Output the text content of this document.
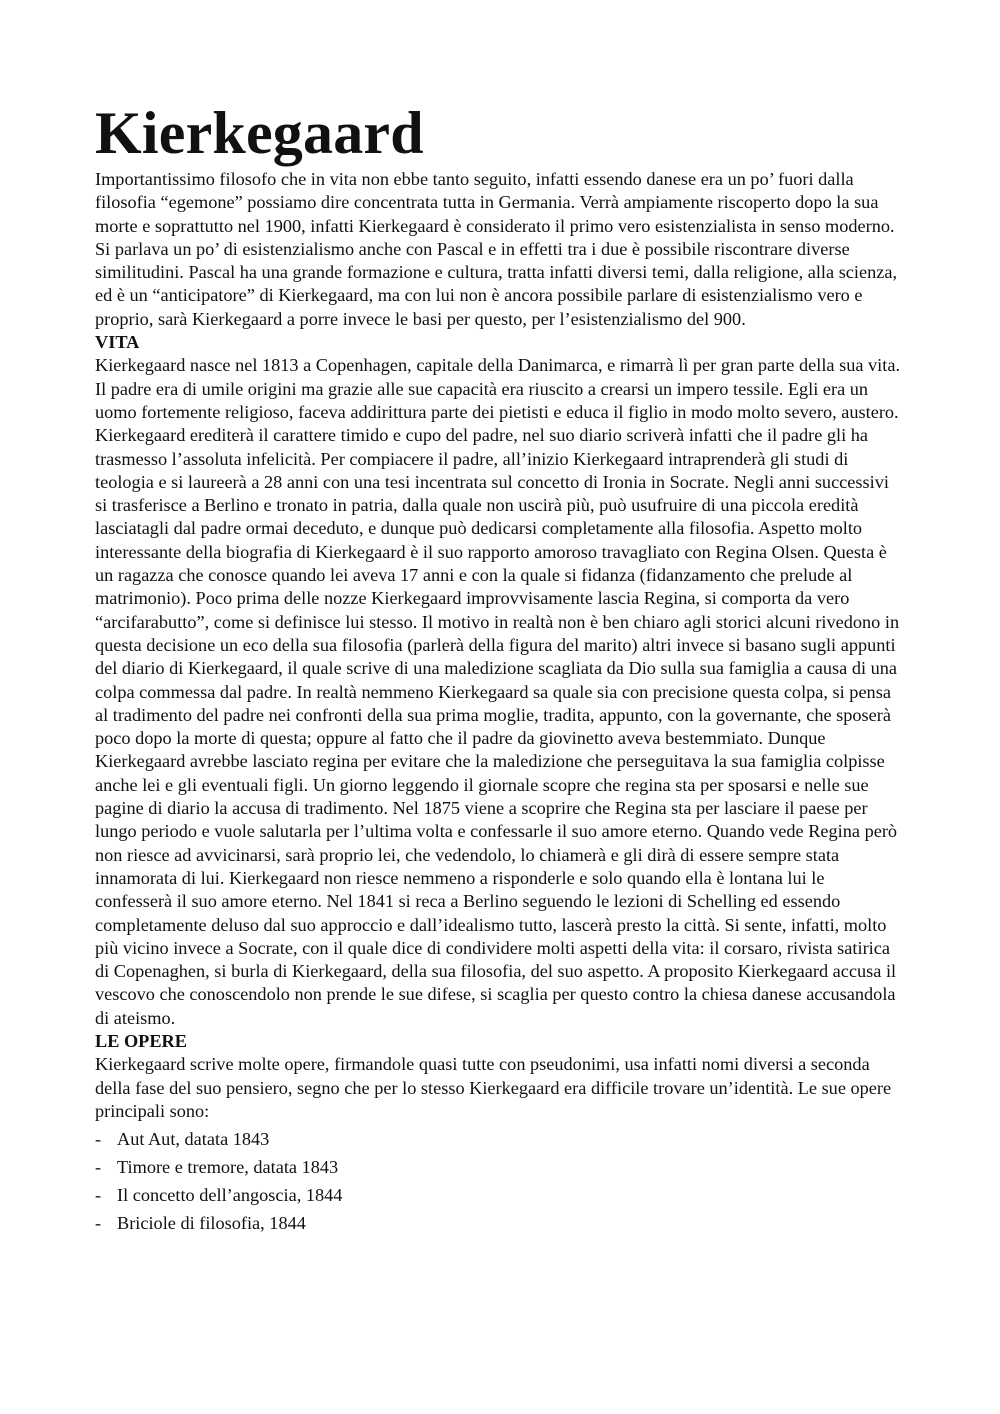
Kierkegaard

Importantissimo filosofo che in vita non ebbe tanto seguito, infatti essendo danese era un po’ fuori dalla filosofia “egemone” possiamo dire concentrata tutta in Germania. Verrà ampiamente riscoperto dopo la sua morte e soprattutto nel 1900, infatti Kierkegaard è considerato il primo vero esistenzialista in senso moderno. Si parlava un po’ di esistenzialismo anche con Pascal e in effetti tra i due è possibile riscontrare diverse similitudini. Pascal ha una grande formazione e cultura, tratta infatti diversi temi, dalla religione, alla scienza, ed è un “anticipatore” di Kierkegaard, ma con lui non è ancora possibile parlare di esistenzialismo vero e proprio, sarà Kierkegaard a porre invece le basi per questo, per l’esistenzialismo del 900.

VITA

Kierkegaard nasce nel 1813 a Copenhagen, capitale della Danimarca, e rimarrà lì per gran parte della sua vita. Il padre era di umile origini ma grazie alle sue capacità era riuscito a crearsi un impero tessile. Egli era un uomo fortemente religioso, faceva addirittura parte dei pietisti e educa il figlio in modo molto severo, austero. Kierkegaard erediterà il carattere timido e cupo del padre, nel suo diario scriverà infatti che il padre gli ha trasmesso l’assoluta infelicità. Per compiacere il padre, all’inizio Kierkegaard intraprenderà gli studi di teologia e si laureerà a 28 anni con una tesi incentrata sul concetto di Ironia in Socrate. Negli anni successivi si trasferisce a Berlino e tronato in patria, dalla quale non uscirà più, può usufruire di una piccola eredità lasciatagli dal padre ormai deceduto, e dunque può dedicarsi completamente alla filosofia. Aspetto molto interessante della biografia di Kierkegaard è il suo rapporto amoroso travagliato con Regina Olsen. Questa è un ragazza che conosce quando lei aveva 17 anni e con la quale si fidanza (fidanzamento che prelude al matrimonio). Poco prima delle nozze Kierkegaard improvvisamente lascia Regina, si comporta da vero “arcifarabutto”, come si definisce lui stesso. Il motivo in realtà non è ben chiaro agli storici alcuni rivedono in questa decisione un eco della sua filosofia (parlerà della figura del marito) altri invece si basano sugli appunti del diario di Kierkegaard, il quale scrive di una maledizione scagliata da Dio sulla sua famiglia a causa di una colpa commessa dal padre. In realtà nemmeno Kierkegaard sa quale sia con precisione questa colpa, si pensa al tradimento del padre nei confronti della sua prima moglie, tradita, appunto, con la governante, che sposerà poco dopo la morte di questa; oppure al fatto che il padre da giovinetto aveva bestemmiato. Dunque Kierkegaard avrebbe lasciato regina per evitare che la maledizione che perseguitava la sua famiglia colpisse anche lei e gli eventuali figli. Un giorno leggendo il giornale scopre che regina sta per sposarsi e nelle sue pagine di diario la accusa di tradimento. Nel 1875 viene a scoprire che Regina sta per lasciare il paese per lungo periodo e vuole salutarla per l’ultima volta e confessarle il suo amore eterno. Quando vede Regina però non riesce ad avvicinarsi, sarà proprio lei, che vedendolo, lo chiamerà e gli dirà di essere sempre stata innamorata di lui. Kierkegaard non riesce nemmeno a risponderle e solo quando ella è lontana lui le confesserà il suo amore eterno. Nel 1841 si reca a Berlino seguendo le lezioni di Schelling ed essendo completamente deluso dal suo approccio e dall’idealismo tutto, lascerà presto la città. Si sente, infatti, molto più vicino invece a Socrate, con il quale dice di condividere molti aspetti della vita: il corsaro, rivista satirica di Copenaghen, si burla di Kierkegaard, della sua filosofia, del suo aspetto. A proposito Kierkegaard accusa il vescovo che conoscendolo non prende le sue difese, si scaglia per questo contro la chiesa danese accusandola di ateismo.

LE OPERE

Kierkegaard scrive molte opere, firmandole quasi tutte con pseudonimi, usa infatti nomi diversi a seconda della fase del suo pensiero, segno che per lo stesso Kierkegaard era difficile trovare un’identità. Le sue opere principali sono:

- Aut Aut, datata 1843
- Timore e tremore, datata 1843
- Il concetto dell’angoscia, 1844
- Briciole di filosofia, 1844
